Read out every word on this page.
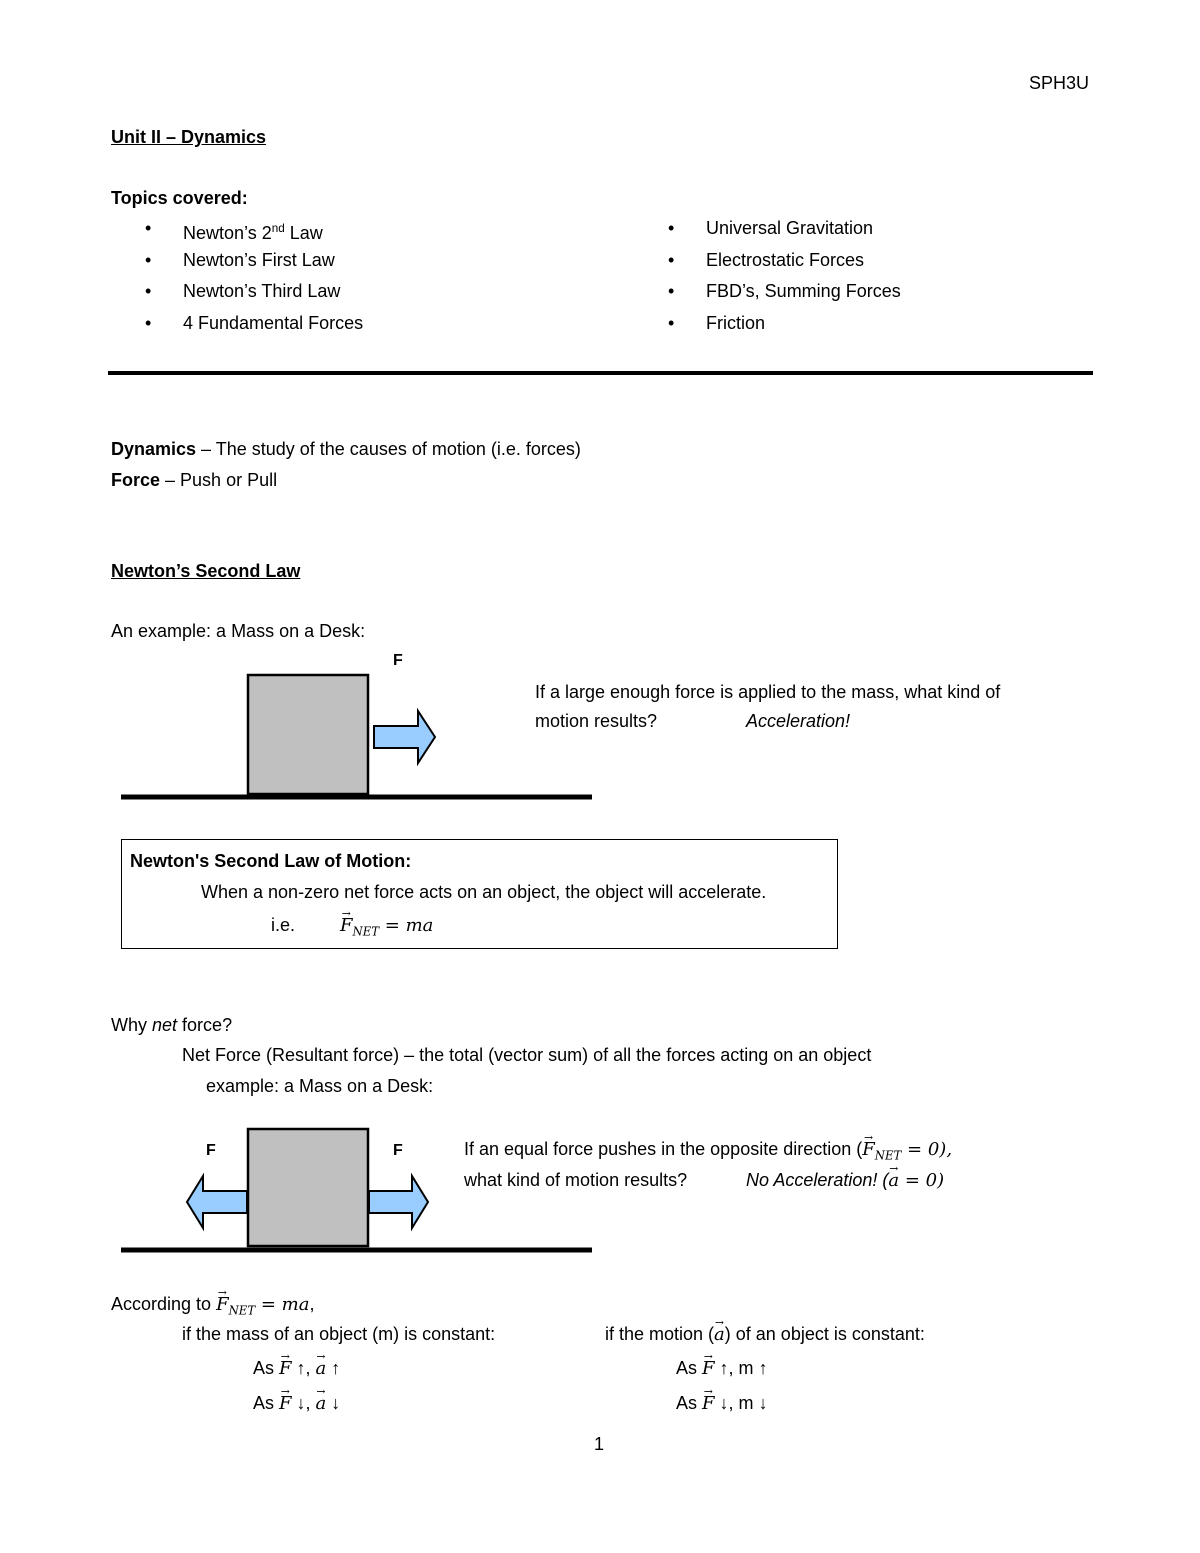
SPH3U
Unit II – Dynamics
Topics covered:
• Newton’s 2nd Law
• Newton’s First Law
• Newton’s Third Law
• 4 Fundamental Forces
• Universal Gravitation
• Electrostatic Forces
• FBD’s, Summing Forces
• Friction
Dynamics – The study of the causes of motion (i.e. forces)
Force – Push or Pull
Newton’s Second Law
An example: a Mass on a Desk:
F
If a large enough force is applied to the mass, what kind of
motion results?	Acceleration!
Newton's Second Law of Motion:
When a non-zero net force acts on an object, the object will accelerate.
i.e.
→ $F_{NET}$ = ma
Why net force?
Net Force (Resultant force) – the total (vector sum) of all the forces acting on an object
example: a Mass on a Desk:
F	F	If an equal force pushes in the opposite direction (→ $F_{NET} = 0$),
what kind of motion results?	No Acceleration! (→ a = 0)
According to → $F_{NET}$ = ma,
if the mass of an object (m) is constant:	if the motion (→ a) of an object is constant:
As → F ↑, → a ↑
As → F ↓, → a ↓
As → F ↑, m ↑
As → F ↓, m ↓
1
